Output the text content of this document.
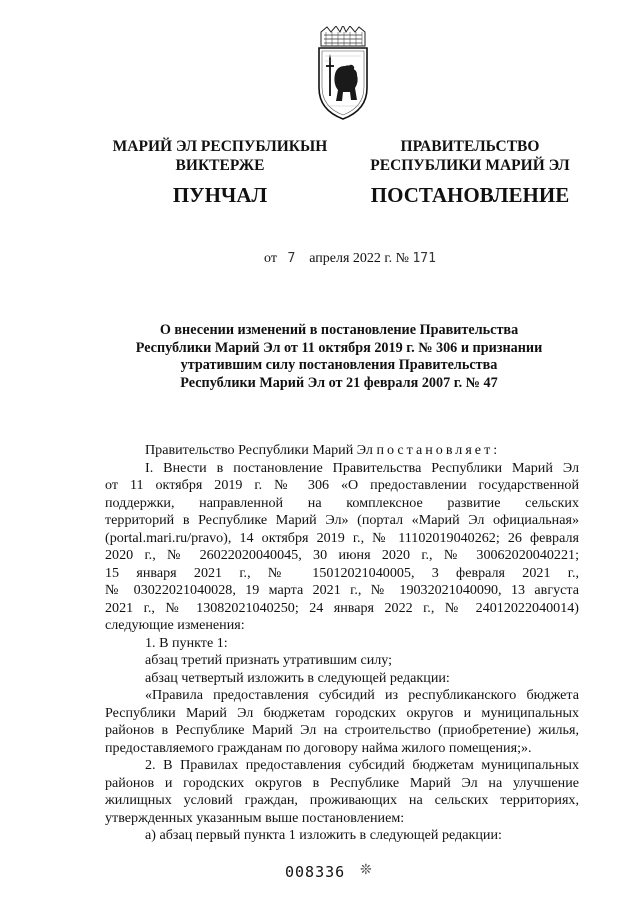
МАРИЙ ЭЛ РЕСПУБЛИКЫН
ВИКТЕРЖЕ
ПУНЧАЛ
ПРАВИТЕЛЬСТВО
РЕСПУБЛИКИ МАРИЙ ЭЛ
ПОСТАНОВЛЕНИЕ
от 7 апреля 2022 г. № 171
О внесении изменений в постановление Правительства
Республики Марий Эл от 11 октября 2019 г. № 306 и признании
утратившим силу постановления Правительства
Республики Марий Эл от 21 февраля 2007 г. № 47
Правительство Республики Марий Эл постановляет:
I. Внести в постановление Правительства Республики Марий Эл
от 11 октября 2019 г. № 306 «О предоставлении государственной
поддержки, направленной на комплексное развитие сельских
территорий в Республике Марий Эл» (портал «Марий Эл официальная»
(portal.mari.ru/pravo), 14 октября 2019 г., № 11102019040262; 26 февраля
2020 г., № 26022020040045, 30 июня 2020 г., № 30062020040221;
15 января 2021 г., № 15012021040005, 3 февраля 2021 г.,
№ 03022021040028, 19 марта 2021 г., № 19032021040090, 13 августа
2021 г., № 13082021040250; 24 января 2022 г., № 24012022040014)
следующие изменения:
1. В пункте 1:
абзац третий признать утратившим силу;
абзац четвертый изложить в следующей редакции:
«Правила предоставления субсидий из республиканского бюджета
Республики Марий Эл бюджетам городских округов и муниципальных
районов в Республике Марий Эл на строительство (приобретение) жилья,
предоставляемого гражданам по договору найма жилого помещения;».
2. В Правилах предоставления субсидий бюджетам муниципальных
районов и городских округов в Республике Марий Эл на улучшение
жилищных условий граждан, проживающих на сельских территориях,
утвержденных указанным выше постановлением:
а) абзац первый пункта 1 изложить в следующей редакции:
008336 ❊
